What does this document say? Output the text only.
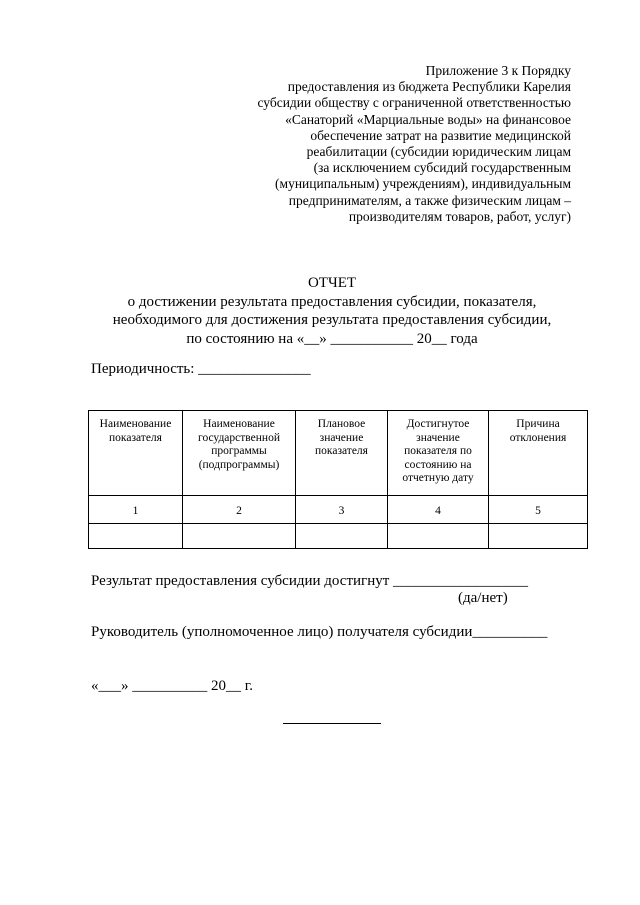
Приложение 3 к Порядку
предоставления из бюджета Республики Карелия
субсидии обществу с ограниченной ответственностью
«Санаторий «Марциальные воды» на финансовое
обеспечение затрат на развитие медицинской
реабилитации (субсидии юридическим лицам
(за исключением субсидий государственным
(муниципальным) учреждениям), индивидуальным
предпринимателям, а также физическим лицам –
производителям товаров, работ, услуг)
ОТЧЕТ
о достижении результата предоставления субсидии, показателя,
необходимого для достижения результата предоставления субсидии,
по состоянию на «__» ___________ 20__ года
Периодичность: _______________
Наименование показателя	Наименование государственной программы (подпрограммы)	Плановое значение показателя	Достигнутое значение показателя по состоянию на отчетную дату	Причина отклонения
1	2	3	4	5

Результат предоставления субсидии достигнут __________________
(да/нет)
Руководитель (уполномоченное лицо) получателя субсидии__________
«___» __________ 20__ г.
